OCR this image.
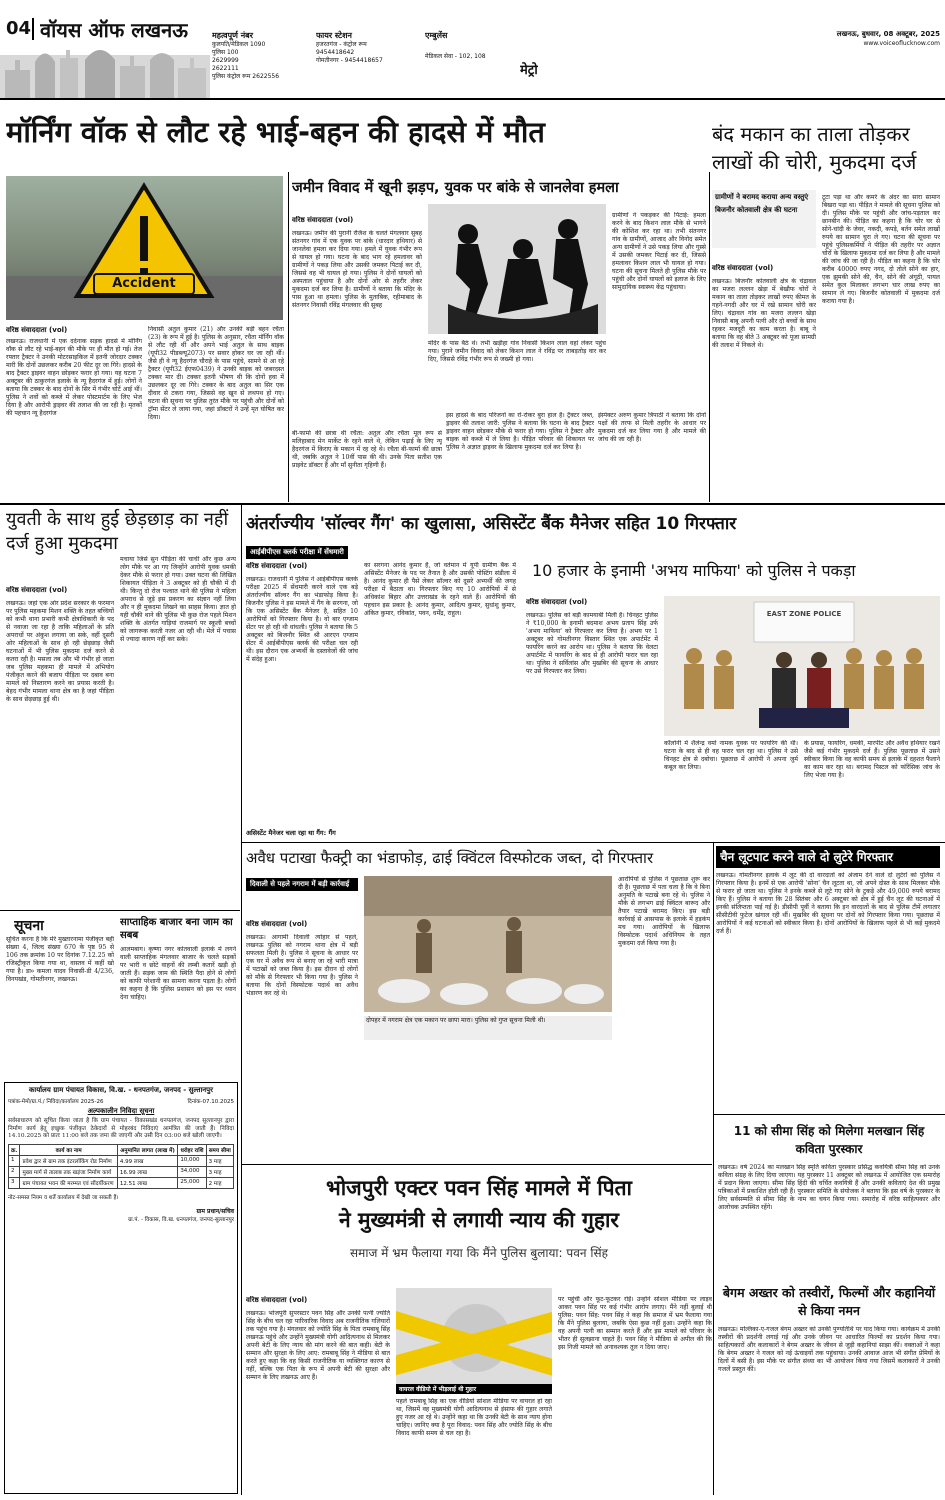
04 वॉयस ऑफ लखनऊ	महत्वपूर्ण नंबर
कुलपति/मेडिकल 1090
पुलिस 100
2629999
2622111
पुलिस कंट्रोल रूम 2622556
फायर स्टेशन
हजरतगंज - कंट्रोल रूम
9454418642
गोमतीनगर - 9454418657
एम्बुलेंस
मेडिकल सेवा - 102, 108
मेट्रो
लखनऊ, बुधवार, 08 अक्टूबर, 2025
www.voiceoflucknow.com
मॉर्निंग वॉक से लौट रहे भाई-बहन की हादसे में मौत	बंद मकान का ताला तोड़कर लाखों की चोरी, मुकदमा दर्ज
Accident
वरिष्ठ संवाददाता (vol)
लखनऊ। राजधानी में एक दर्दनाक सड़क हादसे में मॉर्निंग वॉक से लौट रहे भाई-बहन की मौके पर ही मौत हो गई। तेज रफ्तार ट्रैक्टर ने उनकी मोटरसाइकिल में इतनी जोरदार टक्कर मारी कि दोनों उछलकर करीब 20 फीट दूर जा गिरे। हादसे के बाद ट्रैक्टर ड्राइवर वाहन छोड़कर फरार हो गया। यह घटना 7 अक्टूबर की ठाकुरगंज इलाके के न्यू हैदरगंज में हुई। लोगों ने बताया कि टक्कर के बाद दोनों के सिर में गंभीर चोटें आई थीं। पुलिस ने शवों को कब्जे में लेकर पोस्टमार्टम के लिए भेज दिया है और आरोपी ड्राइवर की तलाश की जा रही है। मृतकों की पहचान न्यू हैदरगंज
निवासी अतुल कुमार (21) और उनकी बड़ी बहन रचैता (23) के रूप में हुई है। पुलिस के अनुसार, रचैता मॉर्निंग वॉक से लौट रही थीं और अपने भाई अतुल के साथ बाइक (यूपी32 पीडब्ल्यू2073) पर सवार होकर घर जा रही थीं। जैसे ही वे न्यू हैदरगंज चौराहे के पास पहुंचे, सामने से आ रहे ट्रैक्टर (यूपी32 ईएफ0439) ने उनकी बाइक को जबरदस्त टक्कर मार दी। टक्कर इतनी भीषण थी कि दोनों हवा में उछलकर दूर जा गिरे। टक्कर के बाद अतुल का सिर एक दीवार से टकरा गया, जिससे वह खून से लथपथ हो गए। घटना की सूचना पर पुलिस तुरंत मौके पर पहुंची और दोनों को ट्रॉमा सेंटर ले जाया गया, जहां डॉक्टरों ने उन्हें मृत घोषित कर दिया।
जमीन विवाद में खूनी झड़प, युवक पर बांके से जानलेवा हमला
वरिष्ठ संवाददाता (vol)
लखनऊ। जमीन की पुरानी रंजिश के चलते मंगलवार सुबह संतनगर गांव में एक युवक पर बांके (धारदार हथियार) से जानलेवा हमला कर दिया गया। हमले में युवक गंभीर रूप से घायल हो गया। घटना के बाद भाग रहे हमलावर को ग्रामीणों ने पकड़ लिया और उसकी जमकर पिटाई कर दी, जिससे वह भी घायल हो गया। पुलिस ने दोनों घायलों को अस्पताल पहुंचाया है और दोनों ओर से तहरीर लेकर मुकदमा दर्ज कर लिया है। ग्रामीणों ने बताया कि मंदिर के पास हुआ था हमला। पुलिस के मुताबिक, रहीमाबाद के संतनगर निवासी रविंद्र मंगलवार की सुबह
ग्रामीणों ने पकड़कर की पिटाई: हमला करने के बाद किशन लाल मौके से भागने की कोशिश कर रहा था। तभी संतनगर गांव के ग्रामीणों, आजाद और विनोद समेत अन्य ग्रामीणों ने उसे पकड़ लिया और गुस्से में उसकी जमकर पिटाई कर दी, जिससे हमलावर किशन लाल भी घायल हो गया। घटना की सूचना मिलते ही पुलिस मौके पर पहुंची और दोनों घायलों को इलाज के लिए सामुदायिक स्वास्थ्य केंद्र पहुंचाया।
मंदिर के पास बैठे थे। तभी खड़ीहा गांव निवासी किशन लाल वहां लेकर पहुंच गया। पुराने जमीन विवाद को लेकर किशन लाल ने रविंद्र पर ताबड़तोड़ वार कर दिए, जिससे रविंद्र गंभीर रूप से जख्मी हो गया।
इंस्पेक्टर अरुण कुमार त्रिपाठी ने बताया कि दोनों पक्षों की तरफ से मिली तहरीर के आधार पर मुकदमा दर्ज कर लिया गया है और मामले की जांच की जा रही है।
बी-फार्मा की छात्रा थी रचैता: अतुल और रचैता मूल रूप से मलिहाबाद मेन मार्केट के रहने वाले थे, लेकिन पढ़ाई के लिए न्यू हैदरगंज में किराए के मकान में रह रहे थे। रचैता बी-फार्मा की छात्रा थी, जबकि अतुल ने 10वीं पास की थी। उनके पिता सतीश एक प्राइवेट डॉक्टर हैं और माँ सुनीता गृहिणी हैं।
इस हादसे के बाद परिजनों का रो-रोकर बुरा हाल है। ट्रैक्टर जब्त, ड्राइवर की तलाश जारी: पुलिस ने बताया कि घटना के बाद ट्रैक्टर ड्राइवर वाहन छोड़कर मौके से फरार हो गया। पुलिस ने ट्रैक्टर और बाइक को कब्जे में ले लिया है। पीड़ित परिवार की शिकायत पर पुलिस ने अज्ञात ड्राइवर के खिलाफ मुकदमा दर्ज कर लिया है।
ग्रामीणों ने बरामद कराया अन्य वस्तुएं
बिजनौर कोतवाली क्षेत्र की घटना
वरिष्ठ संवाददाता (vol)
लखनऊ। बिजनौर कोतवाली क्षेत्र के चंद्रावल का मजरा लल्लन खेड़ा में बेखौफ चोरों ने मकान का ताला तोड़कर लाखों रुपए कीमत के गहने-नगदी और घर में रखे सामान चोरी कर लिए। चंद्रावल गांव का मजरा लल्लन खेड़ा निवासी बाबू अपनी पत्नी और दो बच्चों के साथ रहकर मजदूरी का काम करता है। बाबू ने बताया कि वह बीते 3 अक्टूबर को पूजा सामग्री की तलाश में निकले थे।
टूटा पड़ा था और कमरे के अंदर का सारा सामान बिखरा पड़ा था। पीड़ित ने मामले की सूचना पुलिस को दी। पुलिस मौके पर पहुंची और जांच-पड़ताल कर छानबीन की। पीड़ित का कहना है कि चोर घर से सोने-चांदी के जेवर, नकदी, कपड़े, बर्तन समेत लाखों रुपये का सामान चुरा ले गए। घटना की सूचना पर पहुंचे पुलिसकर्मियों ने पीड़ित की तहरीर पर अज्ञात चोरों के खिलाफ मुकदमा दर्ज कर लिया है और मामले की जांच की जा रही है। पीड़ित का कहना है कि चोर करीब 40000 रुपए नगद, दो तोले सोने का हार, एक झुमकी सोने की, चैन, सोने की अंगूठी, पायल समेत कुल मिलाकर लगभग चार लाख रुपए का सामान ले गए। बिजनौर कोतवाली में मुकदमा दर्ज कराया गया है।
युवती के साथ हुई छेड़छाड़ का नहीं दर्ज हुआ मुकदमा
वरिष्ठ संवाददाता (vol)
लखनऊ। जहां एक ओर प्रदेश सरकार के फरमान पर पुलिस महकमा मिशन शक्ति के तहत बच्चियों को कभी थाना प्रभारी कभी क्षेत्राधिकारी के पद से नवाजा जा रहा है ताकि महिलाओं के प्रति अपराधों पर अंकुश लगाया जा सके, वहीं दूसरी ओर महिलाओं के साथ हो रही छेड़छाड़ जैसी घटनाओं में भी पुलिस मुकदमा दर्ज करने से कतरा रही है। मसला तब और भी गंभीर हो जाता जब पुलिस महकमा ही मामले में अभियोग पंजीकृत करने की बजाय पीड़िता पर दबाव बना मामले को निस्तारण करने का प्रयास करती है। बेहद गंभीर मामला थाना क्षेत्र का है जहां पीड़िता के साथ छेड़छाड़ हुई थी।
मचाया जिसे सुन पीड़िता की चाची और कुछ अन्य लोग मौके पर आ गए जिन्होंने आरोपी युवक धमकी देकर मौके से फरार हो गया। उक्त घटना की लिखित शिकायत पीड़िता ने 3 अक्टूबर को ही चौकी में दी थी। किन्तु दो रोज पश्चात थाने की पुलिस ने महिला अपराध से जुड़े इस प्रकरण का संज्ञान नहीं लिया और न ही मुकदमा लिखने का साहस किया। ज्ञात हो यही चौकी थाने की पुलिस भी कुछ रोज पहले मिशन शक्ति के अंतर्गत गाड़ियां राजमार्ग पर स्कूली बच्चों को जागरूक करती नजर आ रही थी। मेले में पचास से ज्यादा कारण नहीं कर सके।
अंतर्राज्यीय 'सॉल्वर गैंग' का खुलासा, असिस्टेंट बैंक मैनेजर सहित 10 गिरफ्तार
आईबीपीएस क्लर्क परीक्षा में सेंधमारी
वरिष्ठ संवाददाता (vol)
लखनऊ। राजधानी में पुलिस ने आईबीपीएस क्लर्क परीक्षा 2025 में सेंधमारी करने वाले एक बड़े अंतर्राज्यीय सॉल्वर गैंग का भंडाफोड़ किया है। बिजनौर पुलिस ने इस मामले में गैंग के सरगना, जो कि एक असिस्टेंट बैंक मैनेजर है, सहित 10 आरोपियों को गिरफ्तार किया है। वो बार एग्जाम सेंटर पर हो रही थी धांधली। पुलिस ने बताया कि 5 अक्टूबर को बिजनौर स्थित श्री आरएन एग्जाम सेंटर में आईबीपीएस क्लर्क की परीक्षा चल रही थी। इस दौरान एक अभ्यर्थी के दस्तावेजों की जांच में संदेह हुआ।
का सरगना आनंद कुमार है, जो वर्तमान में यूपी ग्रामीण बैंक में असिस्टेंट मैनेजर के पद पर तैनात है और उसकी पोस्टिंग संडीला में है। आनंद कुमार ही पैसे लेकर सॉल्वर को दूसरे अभ्यर्थी की जगह परीक्षा में बैठाता था। गिरफ्तार किए गए 10 आरोपियों में से अधिकांश बिहार और उत्तराखंड के रहने वाले हैं। आरोपियों की पहचान इस प्रकार है: आनंद कुमार, आदित्य कुमार, सुधांशु कुमार, अंकित कुमार, रविकांत, पवन, धर्मेंद्र, राहुल।
असिस्टेंट मैनेजर चला रहा था गैंग: गैंग
10 हजार के इनामी 'अभय माफिया' को पुलिस ने पकड़ा
वरिष्ठ संवाददाता (vol)
लखनऊ। पुलिस को बड़ी कामयाबी मिली है। चिनहट पुलिस ने ₹10,000 के इनामी बदमाश अभय प्रताप सिंह उर्फ 'अभय माफिया' को गिरफ्तार कर लिया है। अभय पर 1 अक्टूबर को गोमतीनगर विस्तार स्थित एक अपार्टमेंट में फायरिंग करने का आरोप था। पुलिस ने बताया कि वेलटा अपार्टमेंट में फायरिंग के बाद से ही आरोपी फरार चल रहा था। पुलिस ने सर्विलांस और मुखबिर की सूचना के आधार पर उसे गिरफ्तार कर लिया।
EAST ZONE POLICE
कॉलोनी में शैलेन्द्र वर्मा नामक युवक पर फायरिंग की थी। घटना के बाद से ही वह फरार चल रहा था। पुलिस ने उसे चिनहट क्षेत्र से दबोचा। पूछताछ में आरोपी ने अपना जुर्म कबूल कर लिया।
के प्रयास, फायरिंग, धमकी, मारपीट और अवैध हथियार रखने जैसे कई गंभीर मुकदमे दर्ज हैं। पुलिस पूछताछ में उसने स्वीकार किया कि वह काफी समय से इलाके में दहशत फैलाने का काम कर रहा था। बरामद पिस्टल को फॉरेंसिक जांच के लिए भेजा गया है।
अवैध पटाखा फैक्ट्री का भंडाफोड़, ढाई क्विंटल विस्फोटक जब्त, दो गिरफ्तार
दिवाली से पहले नगराम में बड़ी कार्रवाई
वरिष्ठ संवाददाता (vol)
लखनऊ। आगामी दिवाली त्योहार से पहले, लखनऊ पुलिस को नगराम थाना क्षेत्र में बड़ी सफलता मिली है। पुलिस ने सूचना के आधार पर एक घर में अवैध रूप से बनाए जा रहे भारी मात्रा में पटाखों को जब्त किया है। इस दौरान दो लोगों को मौके से गिरफ्तार भी किया गया है। पुलिस ने बताया कि दोनों विस्फोटक पदार्थ का अवैध भंडारण कर रहे थे।
दोपहर में नगराम क्षेत्र एक मकान पर छापा मारा। पुलिस को गुप्त सूचना मिली थी।
आरोपियों से पुलिस ने पूछताछ शुरू कर दी है। पूछताछ में पता चला है कि वे बिना अनुमति के पटाखे बना रहे थे। पुलिस ने मौके से लगभग ढाई क्विंटल बारूद और तैयार पटाखे बरामद किए। इस बड़ी कार्रवाई से आसपास के इलाके में हड़कंप मच गया। आरोपियों के खिलाफ विस्फोटक पदार्थ अधिनियम के तहत मुकदमा दर्ज किया गया है।
चैन लूटपाट करने वाले दो लुटेरे गिरफ्तार
लखनऊ। गोमतीनगर इलाके में लूट की दो वारदातों को अंजाम देने वाले दो लुटेरों को पुलिस ने गिरफ्तार किया है। इनमें से एक आरोपी 'सोना' चैन लूटता था, जो अपने दोस्त के साथ मिलकर मौके से फरार हो जाता था। पुलिस ने इनके कब्जे से लूटे गए सोने के टुकड़े और 49,000 रुपये बरामद किए हैं। पुलिस ने बताया कि 28 सितंबर और 6 अक्टूबर को क्षेत्र में हुई चैन लूट की घटनाओं में इनकी संलिप्तता पाई गई है। डीसीपी पूर्वी ने बताया कि इन वारदातों के बाद से पुलिस टीमें लगातार सीसीटीवी फुटेज खंगाल रही थीं। मुखबिर की सूचना पर दोनों को गिरफ्तार किया गया। पूछताछ में आरोपियों ने कई घटनाओं को स्वीकार किया है। दोनों आरोपियों के खिलाफ पहले से भी कई मुकदमे दर्ज हैं।
सूचना
सूचित करना है कि मेरे मुख्तारनामा पंजीकृत बही संख्या 4, जिल्द संख्या 670 के पृष्ठ 95 से 106 तक क्रमांक 10 पर दिनांक 7.12.25 को रजिस्ट्रीकृत किया गया था, वास्तव में कहीं खो गया है। डा० कमला यादव निवासी-डी 4/236, विनयखंड, गोमतीनगर, लखनऊ।
साप्ताहिक बाजार बना जाम का सबब
आलमबाग। कृष्णा नगर कोतवाली इलाके में लगने वाली साप्ताहिक मंगलवार बाजार के चलते सड़कों पर भारी व छोटे वाहनों की लम्बी कतारें खड़ी हो जाती हैं। सड़क जाम की स्थिति पैदा होने से लोगों को काफी परेशानी का सामना करना पड़ता है। लोगों का कहना है कि पुलिस प्रशासन को इस पर ध्यान देना चाहिए।
कार्यालय ग्राम पंचायत विकास, वि.ख. - धनपतगंज, जनपद - सुल्तानपुर
पत्रांक-मेमो/ग्रा.पं./ निविदा/कार्यालय 2025-26	दिनांक-07.10.2025
अल्पकालीन निविदा सूचना
सर्वसाधारण को सूचित किया जाता है कि ग्राम पंचायत - विकासखंड धनपतगंज, जनपद सुल्तानपुर द्वारा निर्माण कार्य हेतु इच्छुक पंजीकृत ठेकेदारों से मोहरबंद निविदाएं आमंत्रित की जाती हैं। निविदा 14.10.2025 को प्रातः 11:00 बजे तक जमा की जाएगी और उसी दिन 03:00 बजे खोली जाएगी।
क्र.	कार्य का नाम	अनुमानित लागत (लाख में)	धरोहर राशि	समय सीमा
1	प्रवेश द्वार से ग्राम तक इंटरलॉकिंग रोड निर्माण	4.99 लाख	10,000	3 माह
2	मुख्य मार्ग से तालाब तक खड़ंजा निर्माण कार्य	16.99 लाख	34,000	3 माह
3	ग्राम पंचायत भवन की मरम्मत एवं सौंदर्यीकरण	12.51 लाख	25,000	2 माह
नोट-समस्त नियम व शर्तें कार्यालय में देखी जा सकती हैं।
ग्राम प्रधान/सचिव
ग्रा.पं. - विकास, वि.ख. धनपतगंज, जनपद-सुल्तानपुर
भोजपुरी एक्टर पवन सिंह मामले में पिता
ने मुख्यमंत्री से लगायी न्याय की गुहार
समाज में भ्रम फैलाया गया कि मैंने पुलिस बुलाया: पवन सिंह
वरिष्ठ संवाददाता (vol)
लखनऊ। भोजपुरी सुपरस्टार पवन सिंह और उनकी पत्नी ज्योति सिंह के बीच चल रहा पारिवारिक विवाद अब राजनीतिक गलियारों तक पहुंच गया है। मंगलवार को ज्योति सिंह के पिता रामबाबू सिंह लखनऊ पहुंचे और उन्होंने मुख्यमंत्री योगी आदित्यनाथ से मिलकर अपनी बेटी के लिए न्याय की मांग करने की बात कही। बेटी के सम्मान और सुरक्षा के लिए आए: रामबाबू सिंह ने मीडिया से बात करते हुए कहा कि वह किसी राजनीतिक या व्यक्तिगत कारण से नहीं, बल्कि एक पिता के रूप में अपनी बेटी की सुरक्षा और सम्मान के लिए लखनऊ आए हैं।
वायरल वीडियो में भीड़लाई थी गुहार
पहले रामबाबू सिंह का एक वीडियो सोशल मीडिया पर वायरल हो रहा था, जिसमें वह मुख्यमंत्री योगी आदित्यनाथ से इंसाफ की गुहार लगाते हुए नजर आ रहे थे। उन्होंने कहा था कि उनकी बेटी के साथ न्याय होना चाहिए। जानिए क्या है पूरा विवाद: पवन सिंह और ज्योति सिंह के बीच विवाद काफी समय से चल रहा है।
पर पहुंचीं और फूट-फूटकर रोईं। उन्होंने सोशल मीडिया पर लाइव आकर पवन सिंह पर कई गंभीर आरोप लगाए। मैंने नहीं बुलाई थी पुलिस: पवन सिंह: पवन सिंह ने कहा कि समाज में भ्रम फैलाया गया कि मैंने पुलिस बुलाया, जबकि ऐसा कुछ नहीं हुआ। उन्होंने कहा कि वह अपनी पत्नी का सम्मान करते हैं और इस मामले को परिवार के भीतर ही सुलझाना चाहते हैं। पवन सिंह ने मीडिया से अपील की कि इस निजी मामले को अनावश्यक तूल न दिया जाए।
11 को सीमा सिंह को मिलेगा मलखान सिंह कविता पुरस्कार
लखनऊ। वर्ष 2024 का मलखान सिंह स्मृति कविता पुरस्कार प्रसिद्ध कवयित्री सीमा सिंह को उनके कविता संग्रह के लिए दिया जाएगा। यह पुरस्कार 11 अक्टूबर को लखनऊ में आयोजित एक समारोह में प्रदान किया जाएगा। सीमा सिंह हिंदी की चर्चित कवयित्री हैं और उनकी कविताएं देश की प्रमुख पत्रिकाओं में प्रकाशित होती रही हैं। पुरस्कार समिति के संयोजक ने बताया कि इस वर्ष के पुरस्कार के लिए सर्वसम्मति से सीमा सिंह के नाम का चयन किया गया। समारोह में वरिष्ठ साहित्यकार और आलोचक उपस्थित रहेंगे।
बेगम अख्तर को तस्वीरों, फिल्मों और कहानियों से किया नमन
लखनऊ। मल्लिका-ए-गजल बेगम अख्तर को उनकी पुण्यतिथि पर याद किया गया। कार्यक्रम में उनकी तस्वीरों की प्रदर्शनी लगाई गई और उनके जीवन पर आधारित फिल्मों का प्रदर्शन किया गया। साहित्यकारों और कलाकारों ने बेगम अख्तर के जीवन से जुड़ी कहानियां साझा कीं। वक्ताओं ने कहा कि बेगम अख्तर ने गजल को नई ऊंचाइयों तक पहुंचाया। उनकी आवाज आज भी संगीत प्रेमियों के दिलों में बसी है। इस मौके पर संगीत संध्या का भी आयोजन किया गया जिसमें कलाकारों ने उनकी गजलें प्रस्तुत कीं।
